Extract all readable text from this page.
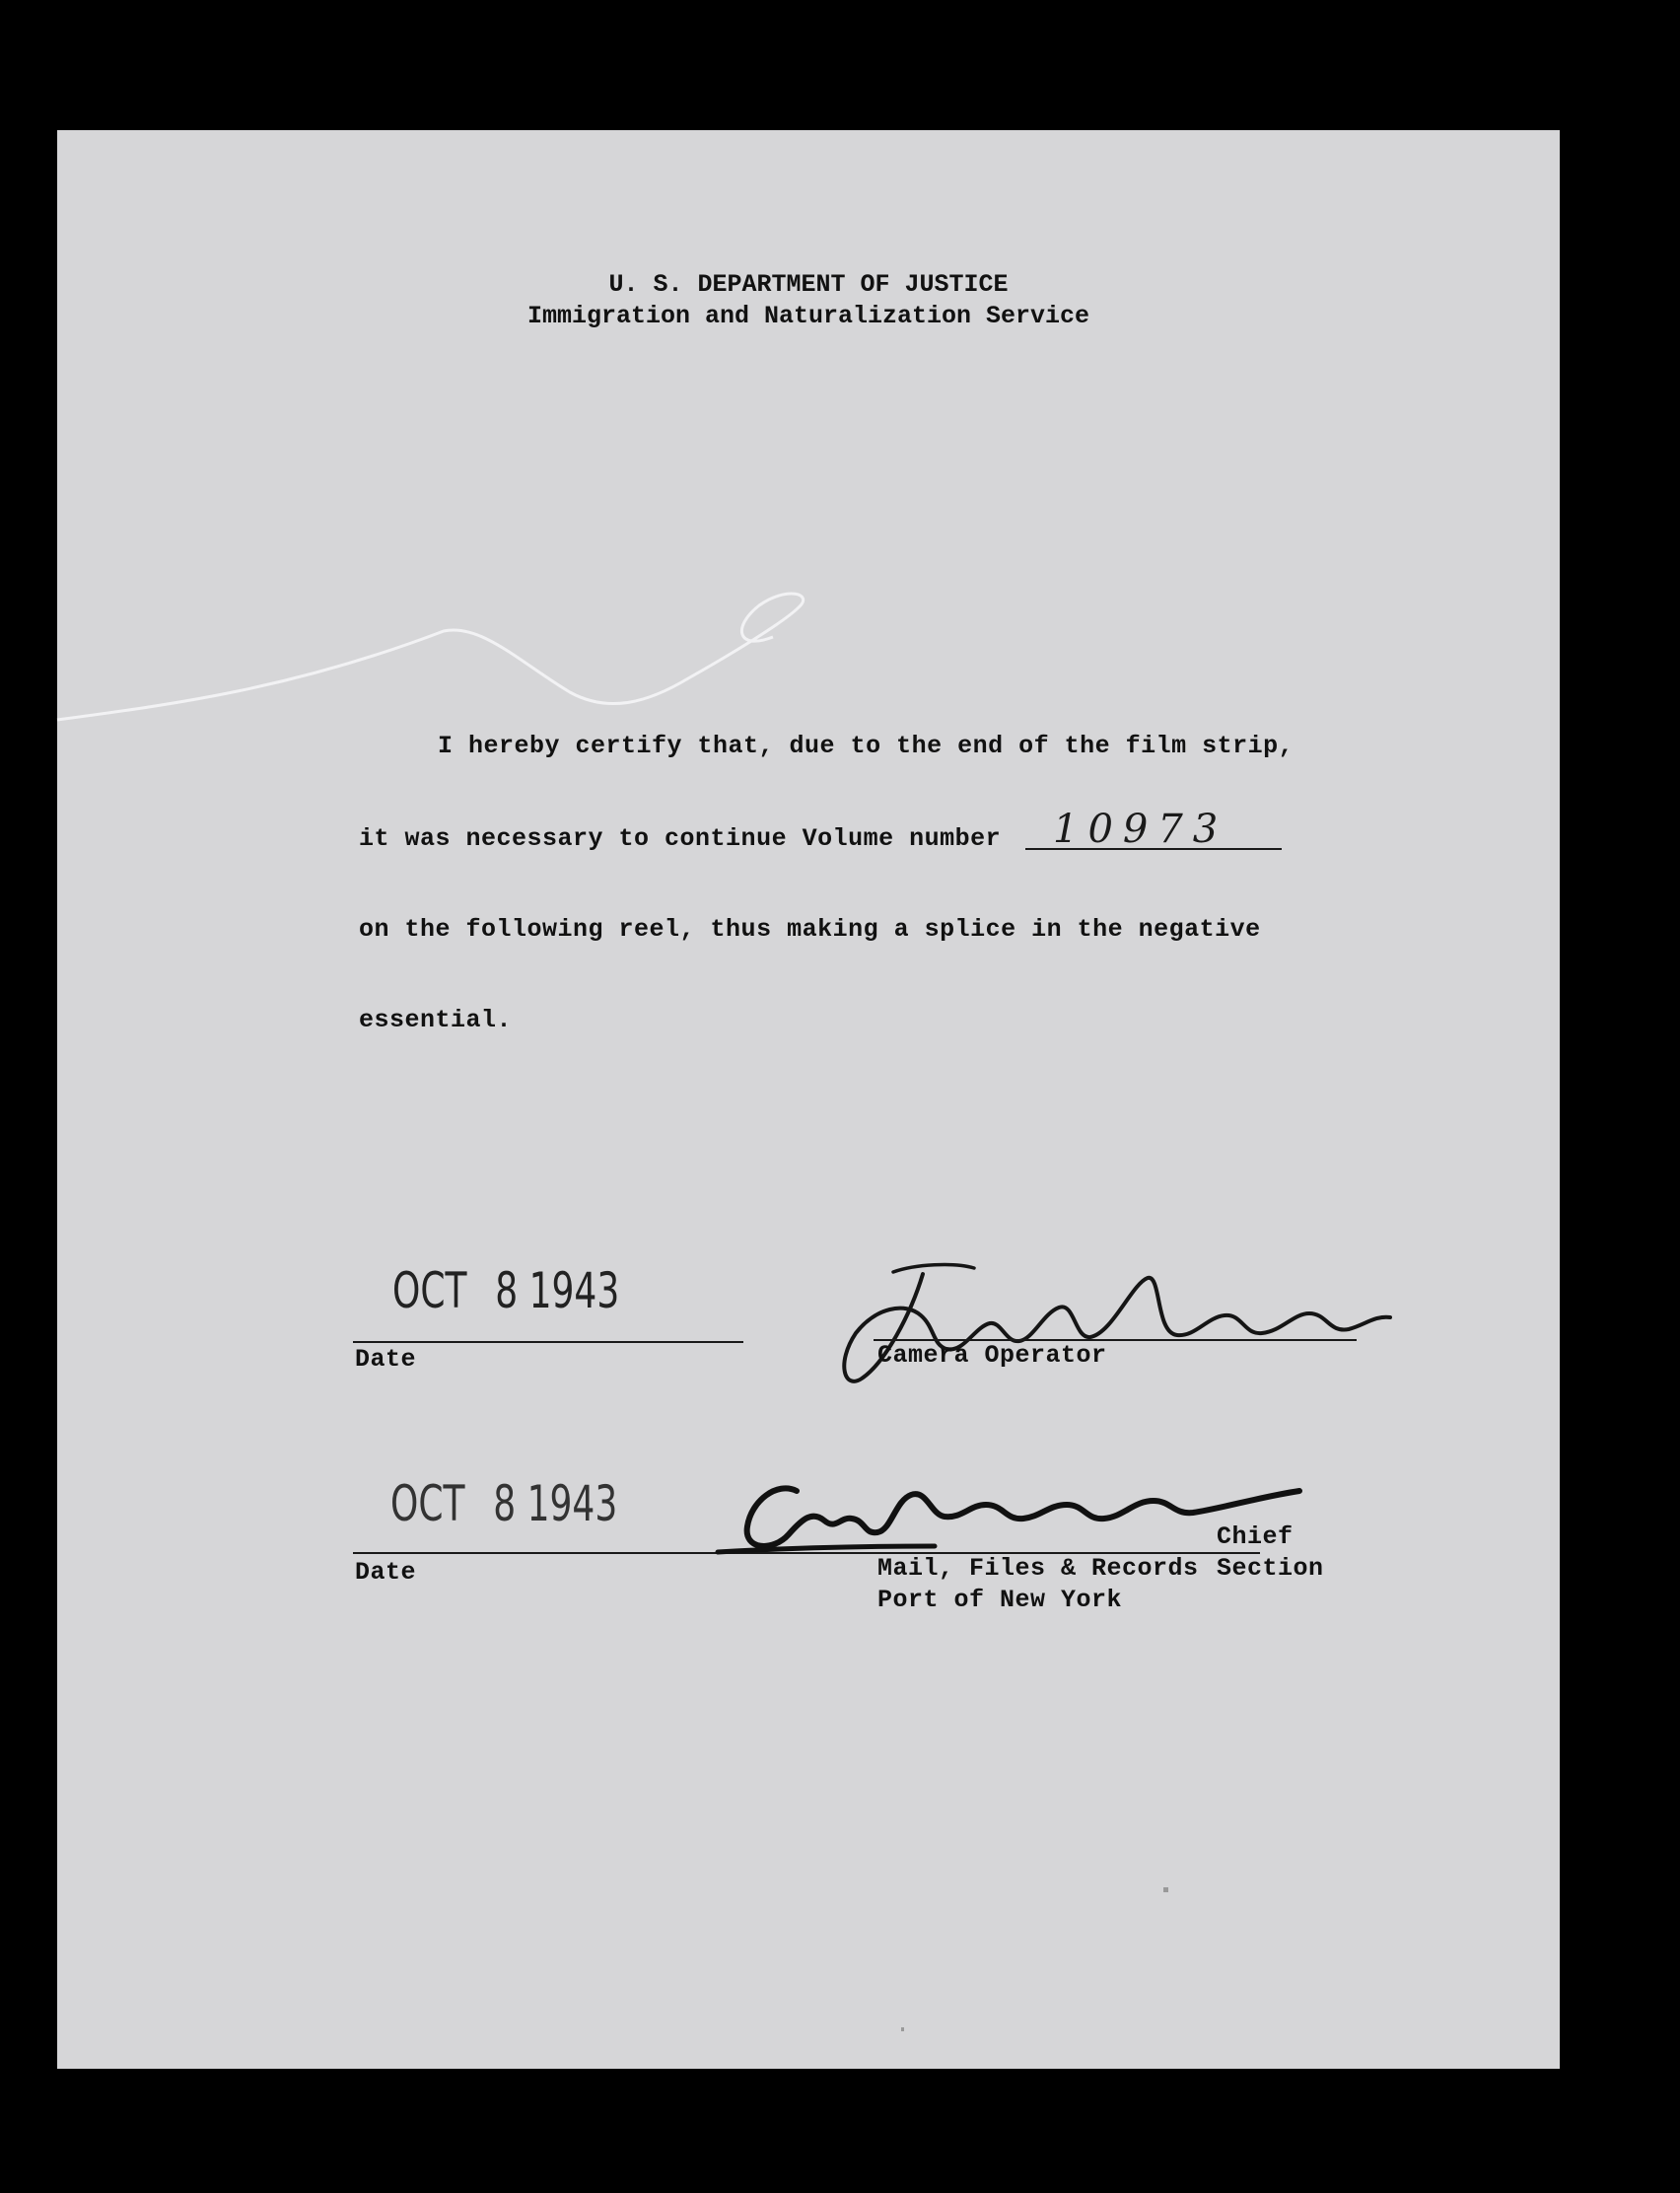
U. S. DEPARTMENT OF JUSTICE
Immigration and Naturalization Service
I hereby certify that, due to the end of the film strip,
it was necessary to continue Volume number 10973
on the following reel, thus making a splice in the negative
essential.
OCT 8 1943
Date	Camera Operator
OCT 8 1943
Date
Chief
Mail, Files & Records Section
Port of New York
